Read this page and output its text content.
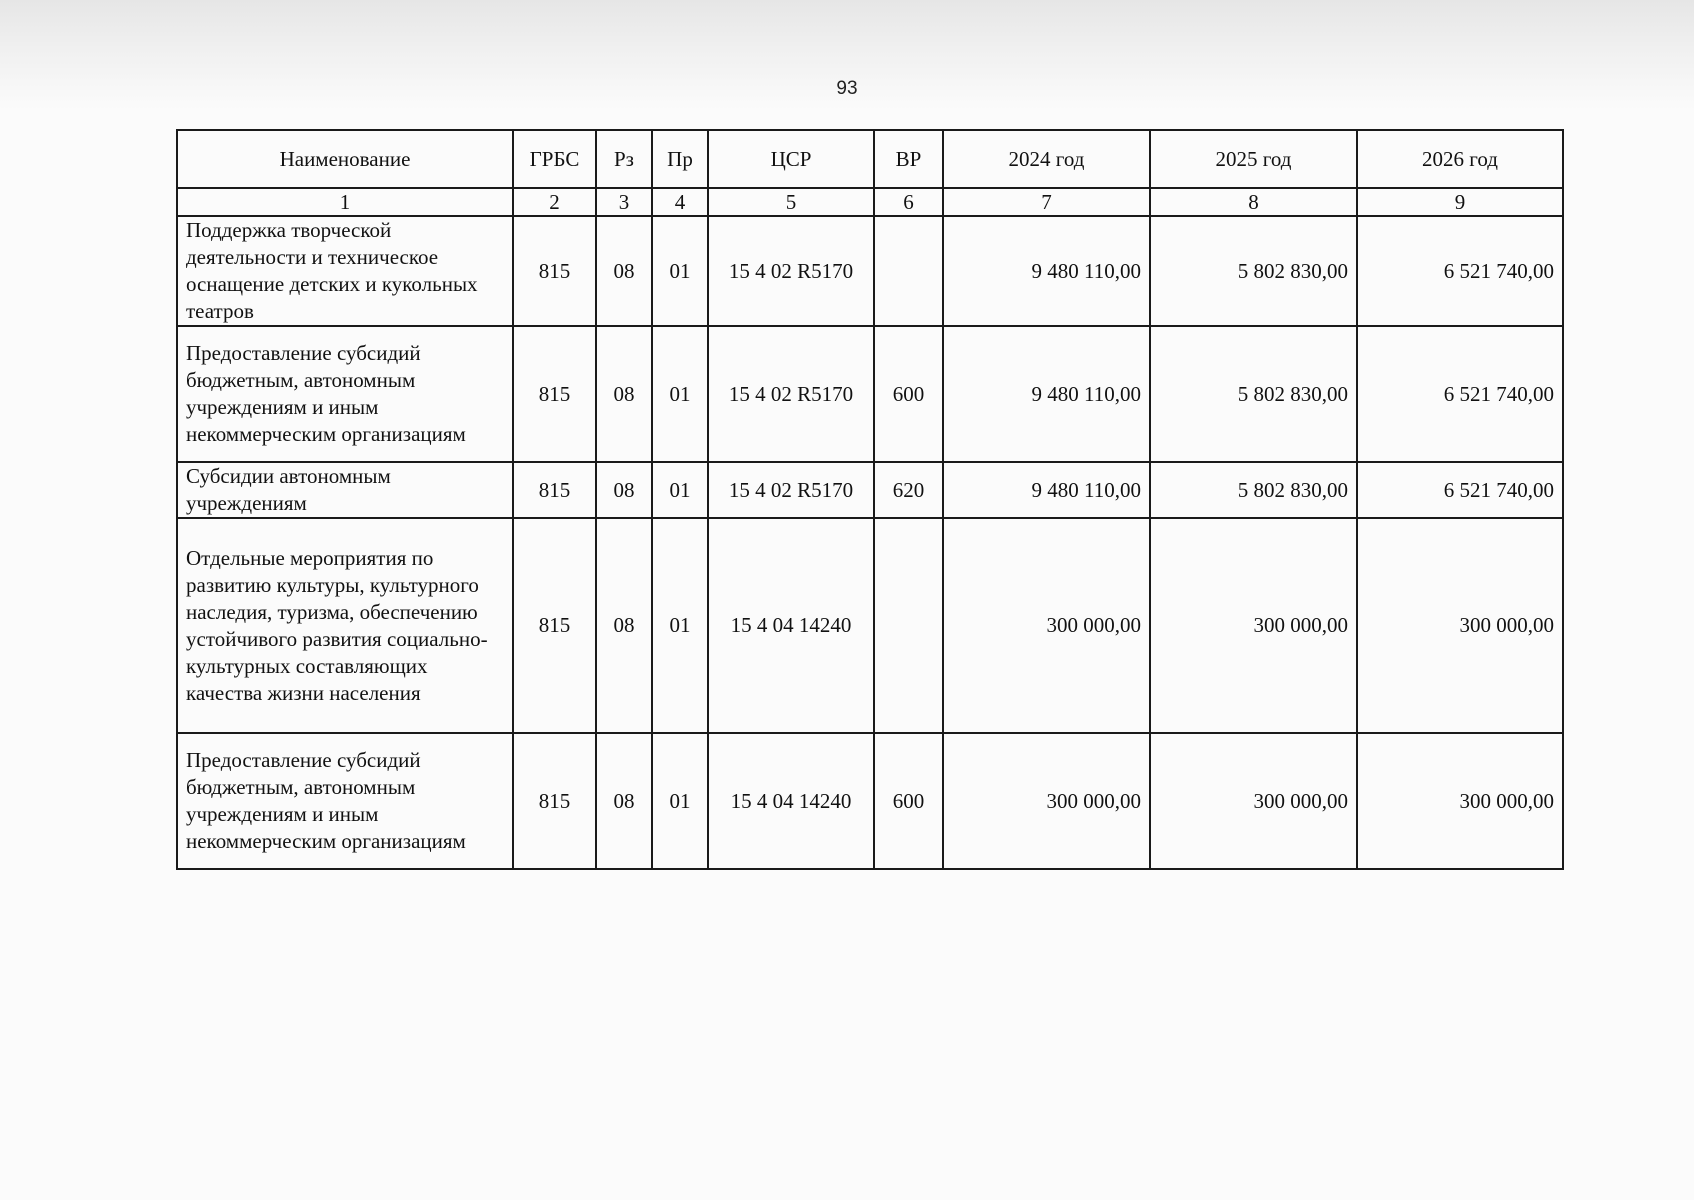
93
Наименование	ГРБС	Рз	Пр	ЦСР	ВР	2024 год	2025 год	2026 год
1	2	3	4	5	6	7	8	9
Поддержка творческой деятельности и техническое оснащение детских и кукольных театров	815	08	01	15 4 02 R5170		9 480 110,00	5 802 830,00	6 521 740,00
Предоставление субсидий бюджетным, автономным учреждениям и иным некоммерческим организациям	815	08	01	15 4 02 R5170	600	9 480 110,00	5 802 830,00	6 521 740,00
Субсидии автономным учреждениям	815	08	01	15 4 02 R5170	620	9 480 110,00	5 802 830,00	6 521 740,00
Отдельные мероприятия по развитию культуры, культурного наследия, туризма, обеспечению устойчивого развития социально-культурных составляющих качества жизни населения	815	08	01	15 4 04 14240		300 000,00	300 000,00	300 000,00
Предоставление субсидий бюджетным, автономным учреждениям и иным некоммерческим организациям	815	08	01	15 4 04 14240	600	300 000,00	300 000,00	300 000,00
